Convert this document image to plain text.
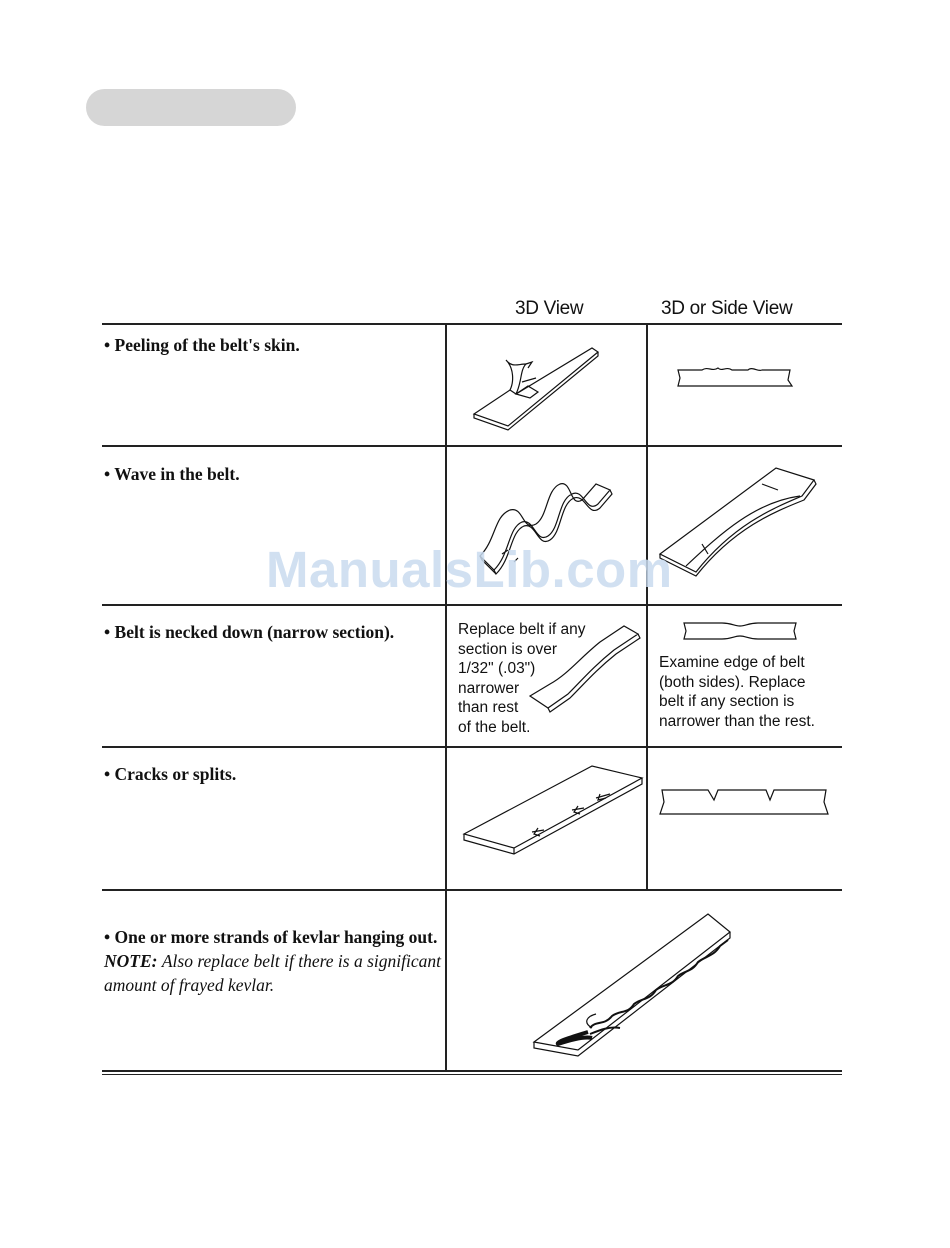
3D View	3D or Side View
• Peeling of the belt's skin.
• Wave in the belt.
• Belt is necked down (narrow section).	Replace belt if any
section is over
1/32" (.03")
narrower
than rest
of the belt.
Examine edge of belt
(both sides). Replace
belt if any section is
narrower than the rest.
• Cracks or splits.
• One or more strands of kevlar hanging out. NOTE: Also replace belt if there is a significant amount of frayed kevlar.
ManualsLib.com
